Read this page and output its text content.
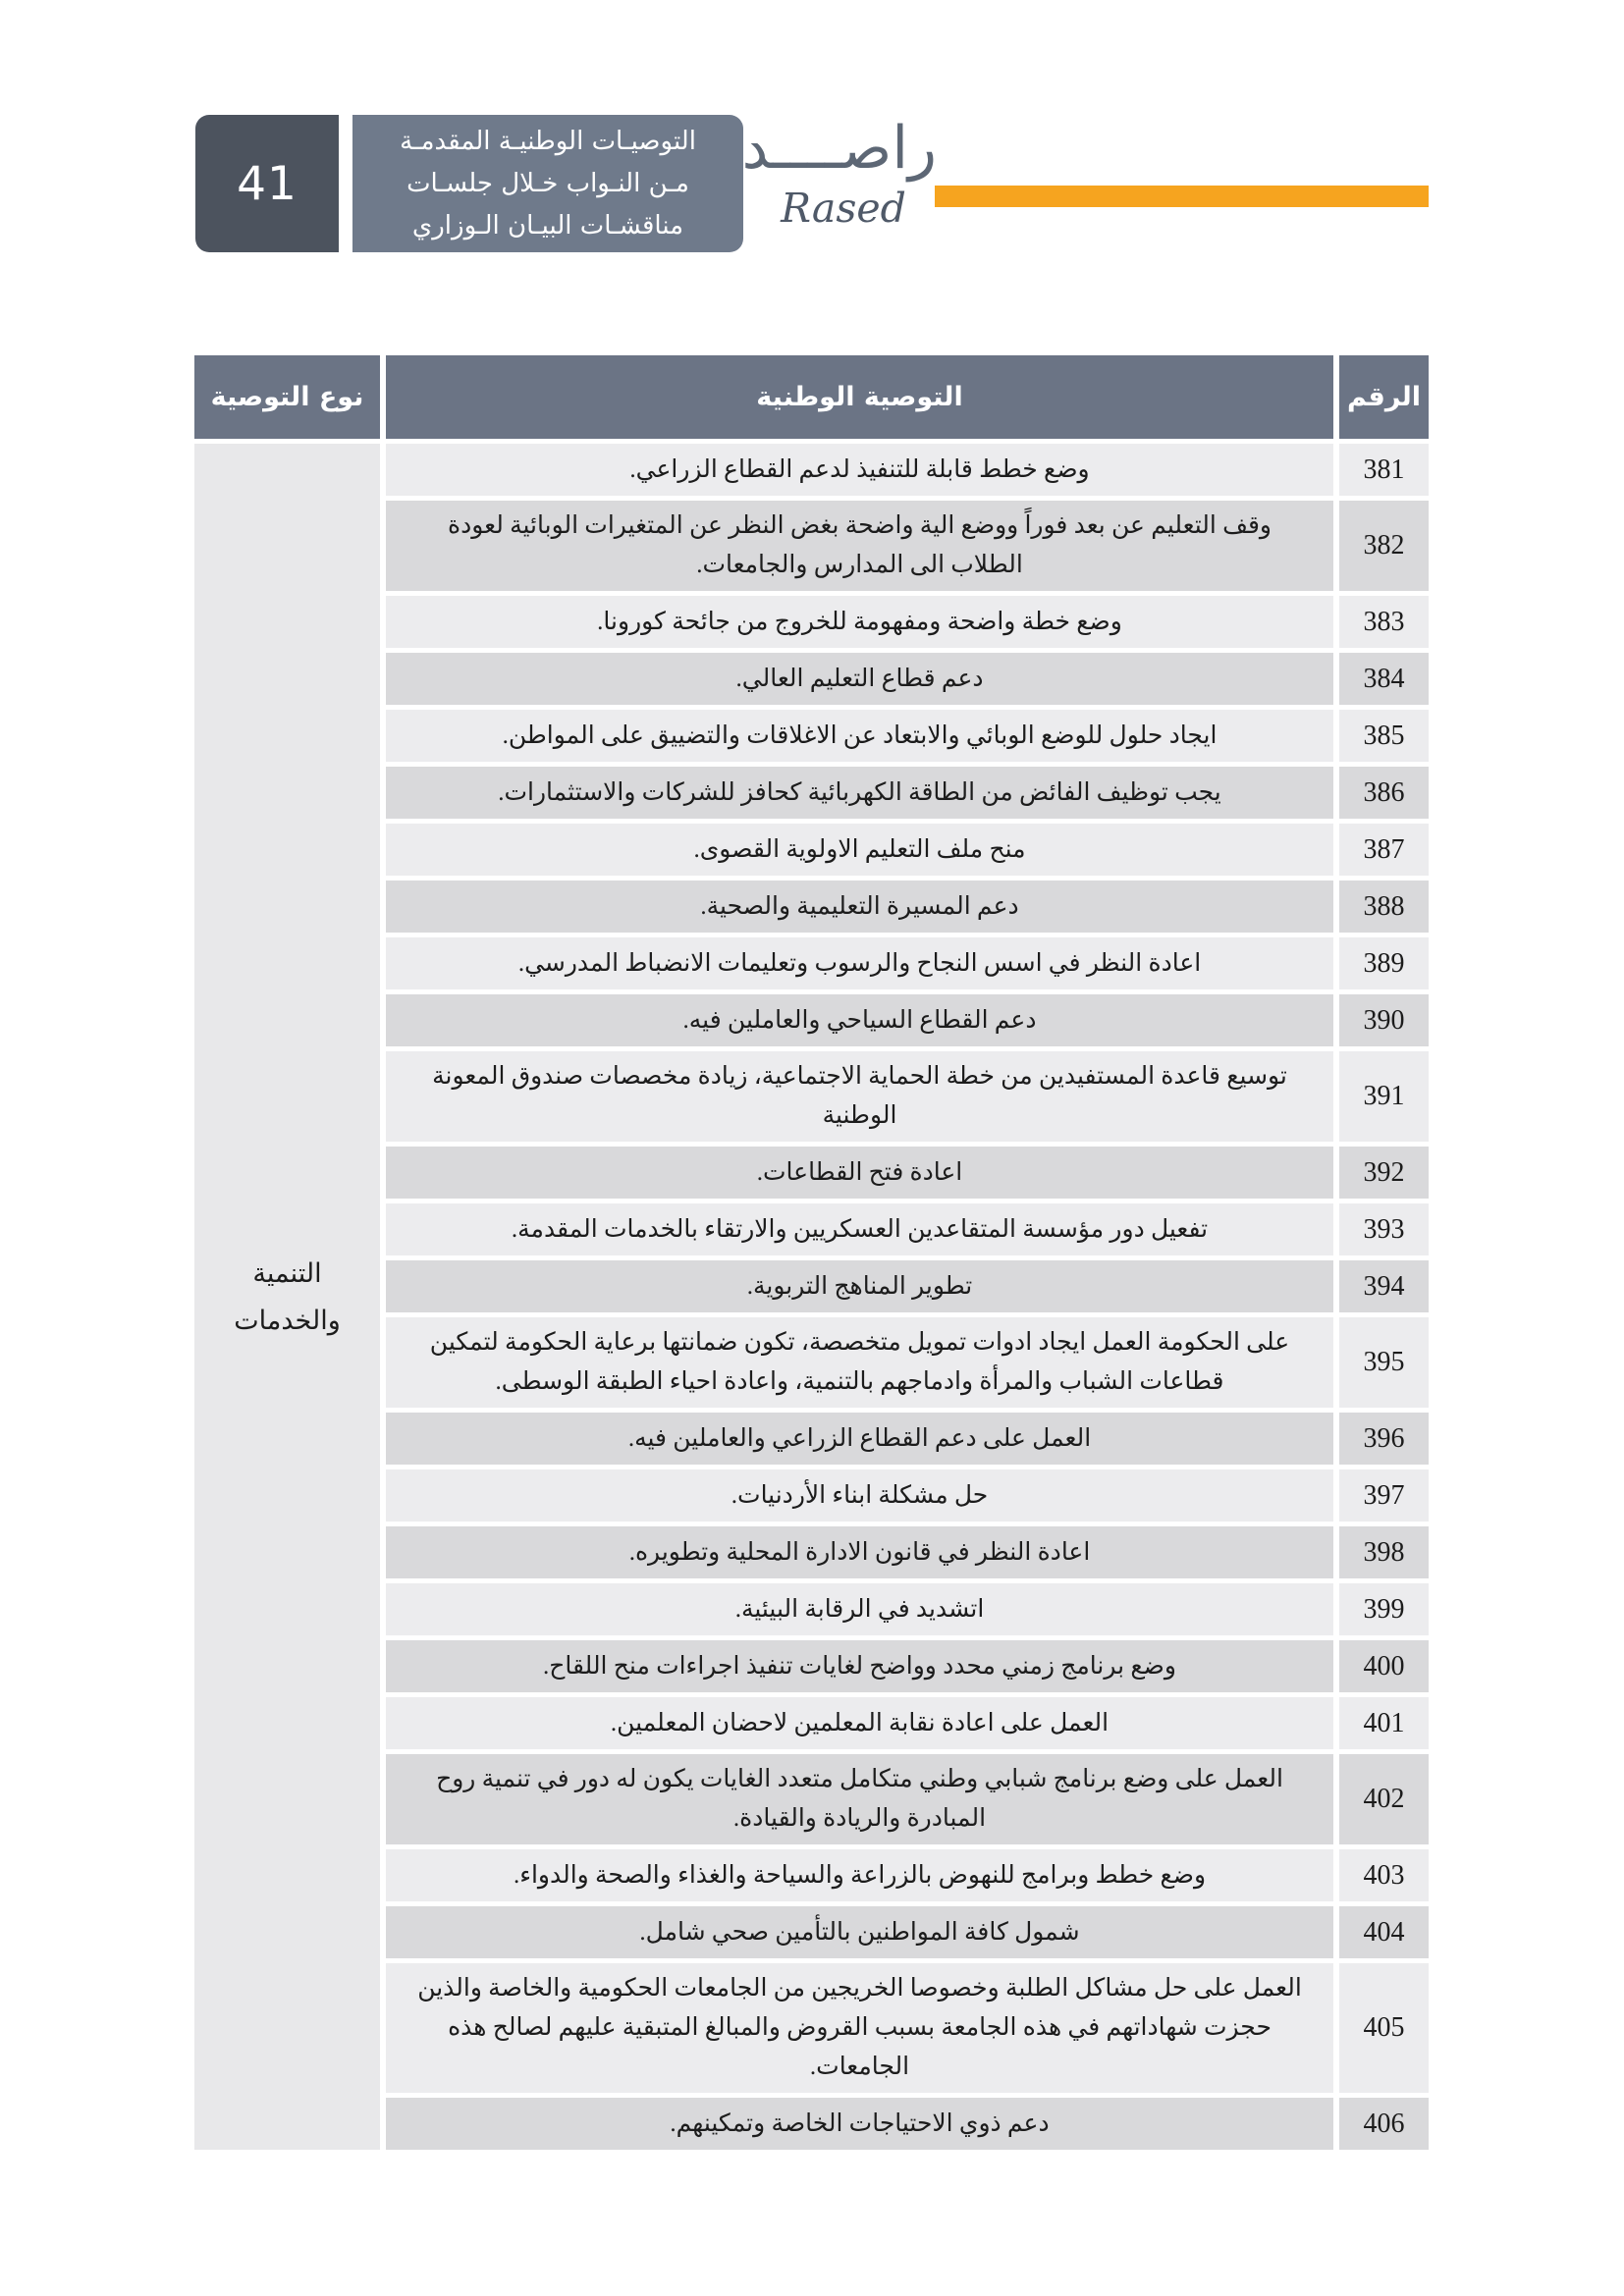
41
التوصيـات الوطنيـة المقدمـة
مـن النـواب خـلال جلسـات
مناقشـات البيـان الـوزاري
راصــــد
Rased
الرقم
التوصية الوطنية
نوع التوصية
التنمية
والخدمات
381
وضع خطط قابلة للتنفيذ لدعم القطاع الزراعي.
382
وقف التعليم عن بعد فوراً ووضع الية واضحة بغض النظر عن المتغيرات الوبائية لعودة الطلاب الى المدارس والجامعات.
383
وضع خطة واضحة ومفهومة للخروج من جائحة كورونا.
384
دعم قطاع التعليم العالي.
385
ايجاد حلول للوضع الوبائي والابتعاد عن الاغلاقات والتضييق على المواطن.
386
يجب توظيف الفائض من الطاقة الكهربائية كحافز للشركات والاستثمارات.
387
منح ملف التعليم الاولوية القصوى.
388
دعم المسيرة التعليمية والصحية.
389
اعادة النظر في اسس النجاح والرسوب وتعليمات الانضباط المدرسي.
390
دعم القطاع السياحي والعاملين فيه.
391
توسيع قاعدة المستفيدين من خطة الحماية الاجتماعية، زيادة مخصصات صندوق المعونة الوطنية
392
اعادة فتح القطاعات.
393
تفعيل دور مؤسسة المتقاعدين العسكريين والارتقاء بالخدمات المقدمة.
394
تطوير المناهج التربوية.
395
على الحكومة العمل ايجاد ادوات تمويل متخصصة، تكون ضمانتها برعاية الحكومة لتمكين قطاعات الشباب والمرأة وادماجهم بالتنمية، واعادة احياء الطبقة الوسطى.
396
العمل على دعم القطاع الزراعي والعاملين فيه.
397
حل مشكلة ابناء الأردنيات.
398
اعادة النظر في قانون الادارة المحلية وتطويره.
399
اتشديد في الرقابة البيئية.
400
وضع برنامج زمني محدد وواضح لغايات تنفيذ اجراءات منح اللقاح.
401
العمل على اعادة نقابة المعلمين لاحضان المعلمين.
402
العمل على وضع برنامج شبابي وطني متكامل متعدد الغايات يكون له دور في تنمية روح المبادرة والريادة والقيادة.
403
وضع خطط وبرامج للنهوض بالزراعة والسياحة والغذاء والصحة والدواء.
404
شمول كافة المواطنين بالتأمين صحي شامل.
405
العمل على حل مشاكل الطلبة وخصوصا الخريجين من الجامعات الحكومية والخاصة والذين حجزت شهاداتهم في هذه الجامعة بسبب القروض والمبالغ المتبقية عليهم لصالح هذه الجامعات.
406
دعم ذوي الاحتياجات الخاصة وتمكينهم.
